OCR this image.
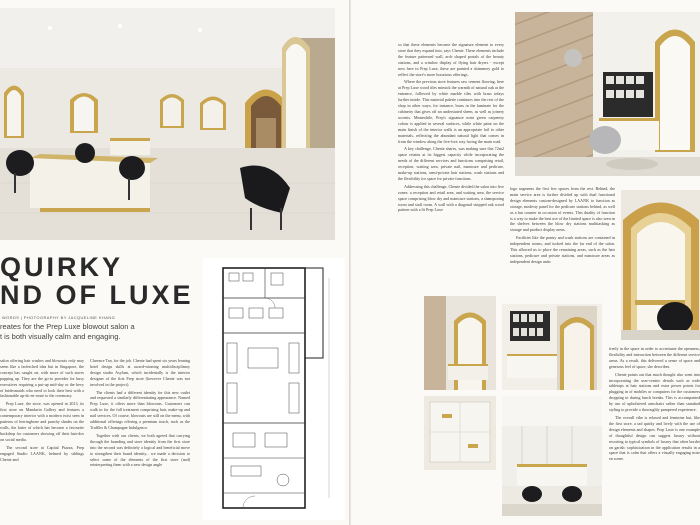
QUIRKY
ND OF LUXE
WORDS | PHOTOGRAPHY BY JACQUELINE KHANG
reates for the Prep Luxe blowout salon a
t is both visually calm and engaging.

salon offering hair washes and blowouts only may seem like a farfetched idea but in Singapore, the concept has caught on, with more of such stores popping up. They are the go-to provider for busy executives requiring a put-up mid-day or the bevy of bridesmaids who need to look their best with a fashionable up-do en-route to the ceremony.

Prep Luxe, the store, was opened in 2013, its first store on Mandarin Gallery and features a contemporary interior with a modern twist seen in patterns of herringbone and punchy shades on the walls, the latter of which has become a favourite backdrop for customers showing off their hair-dos on social media.

The second store at Capital Piazza, Prep engaged Studio LAANK, helmed by siblings Chenie and

Clarence Tan, for the job. Chenie had spent six years leaning hotel design skills at award-winning multidisciplinary design studio Asylum, which incidentally is the interior designer of the first Prep store (however Chenie was not involved in the project).

The clients had a different identity for this new outlet and requested a similarly differentiating appearance. Named Prep Luxe, it offers more than blowouts. Customers can walk in for the full treatment comprising hair, make-up and nail services. Of course, blowouts are still on the menu, with additional offerings offering a premium touch, such as the Truffles & Champagne Indulgence.

Together with our clients, we both agreed that carrying through the branding and store identity from the first store into the second was definitely a logical and beneficial move to strengthen their brand identity... we made a decision to select some of the elements of the first store (and) reinterpreting them with a new design angle

so that these elements become the signature element to every store that they expand into, says Chenie. These elements include the feature patterned wall, arch shaped portals of the beauty stations, and a window display of flying hair dryers - except now here in Prep Luxe, these are painted a shimmery gold to reflect the store's more luxurious offerings.

Where the previous store features raw cement flooring, here at Prep Luxe wood tiles mimick the warmth of natural oak at the entrance, followed by white marble tiles with brass inlays further inside. This material palette continues into the rest of the shop in other ways, for instance, brass in the laminate for the cabinetry that gives off an understated sheen, as well as joinery accents. Meanwhile, Prep's signature mint green carpentry colour is applied in several surfaces, while white paint on the main finish of the interior walls is an appropriate foil to other materials, reflecting the abundant natural light that comes in from the window along the five-foot way facing the main road.

A key challenge, Chenie shares, was making sure this 72m2 space retains at its biggest capacity while incorporating the needs of the different services and functions comprising retail, reception, waiting area, private nail, manicure and pedicure, make-up stations, semi-private hair stations, wash stations and the flexibility for space for private functions.

Addressing this challenge, Chenie divided the salon into five zones: a reception and retail area, and waiting area, the service space comprising blow dry and manicure stations, a shampooing room and staff room. A wall with a diagonal stripped oak wood pattern with a lit Prep Luxe

logo segments the first few spaces from the rest. Behind, the main service area is further divided up with dual functional design elements custom-designed by LAANK to function as storage, modesty panel for the pedicure stations behind, as well as a bar counter in occasion of events. This duality of function is a way to make the best use of the limited space is also seen in the shelves between the blow dry stations multitasking as storage and product display areas.

Facilities like the pantry and wash stations are contained in independent rooms, and tucked into the far end of the salon. This allowed us to place the remaining areas, such as the hair stations, pedicure and private stations, and manicure areas as independent design units

freely in the space in order to accentuate the openness, flexibility and interaction between the different service areas. As a result, this delivered a sense of space and generous feel of space, she describes.

Chenie points out that much thought also went into incorporating the user-centric details such as wide tabletops at hair stations and extra power points for plugging in of mobiles or computers for the customers dropping in during lunch breaks. This is accompanied by use of upholstered armchairs rather than standard styling to provide a thoroughly pampered experience.

The overall vibe is relaxed and feminine but, like the first store, a tad quirky and lively with the use of design elements and shapes. Prep Luxe is one example of thoughtful design can suggest luxury without resorting to typical symbols of luxury that often border on garish: sophistication in the application results in a space that is calm that offers a visually engaging mise en scene.
